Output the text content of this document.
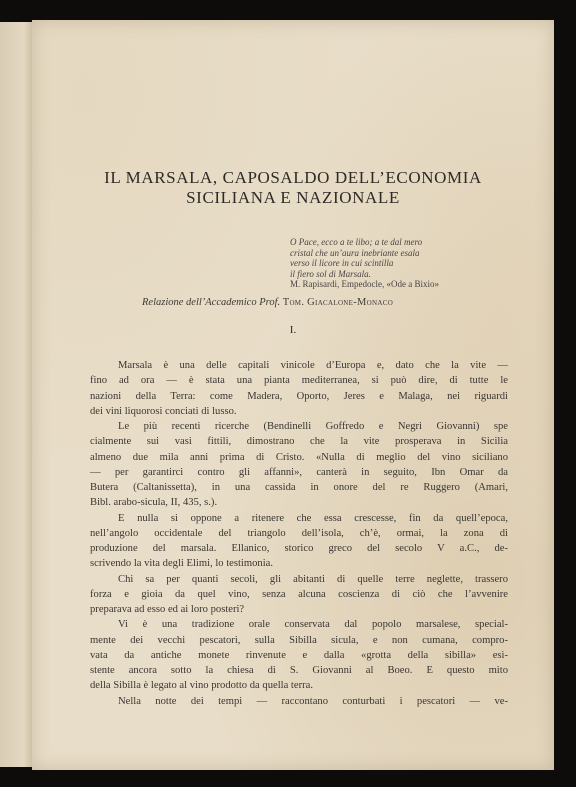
IL MARSALA, CAPOSALDO DELL’ECONOMIA
SICILIANA E NAZIONALE
O Pace, ecco a te libo; a te dal mero
cristal che un’aura inebriante esala
verso il licore in cui scintilla
il fiero sol di Marsala.
M. Rapisardi, Empedocle, «Ode a Bixio»
Relazione dell’Accademico Prof. Tom. Giacalone-Monaco
I.

Marsala è una delle capitali vinicole d’Europa e, dato che la vite —
fino ad ora — è stata una pianta mediterranea, si può dire, di tutte le
nazioni della Terra: come Madera, Oporto, Jeres e Malaga, nei riguardi
dei vini liquorosi conciati di lusso.

Le più recenti ricerche (Bendinelli Goffredo e Negri Giovanni) spe
cialmente sui vasi fittili, dimostrano che la vite prosperava in Sicilia
almeno due mila anni prima di Cristo. «Nulla di meglio del vino siciliano
— per garantirci contro gli affanni», canterà in seguito, Ibn Omar da
Butera (Caltanissetta), in una cassida in onore del re Ruggero (Amari,
Bibl. arabo-sicula, II, 435, s.).

E nulla si oppone a ritenere che essa crescesse, fin da quell’epoca,
nell’angolo occidentale del triangolo dell’isola, ch’è, ormai, la zona di
produzione del marsala. Ellanico, storico greco del secolo V a.C., de-
scrivendo la vita degli Elimi, lo testimonia.

Chi sa per quanti secoli, gli abitanti di quelle terre neglette, trassero
forza e gioia da quel vino, senza alcuna coscienza di ciò che l’avvenire
preparava ad esso ed ai loro posteri?

Vi è una tradizione orale conservata dal popolo marsalese, special-
mente dei vecchi pescatori, sulla Sibilla sicula, e non cumana, compro-
vata da antiche monete rinvenute e dalla «grotta della sibilla» esi-
stente ancora sotto la chiesa di S. Giovanni al Boeo. E questo mito
della Sibilla è legato al vino prodotto da quella terra.

Nella notte dei tempi — raccontano conturbati i pescatori — ve-
